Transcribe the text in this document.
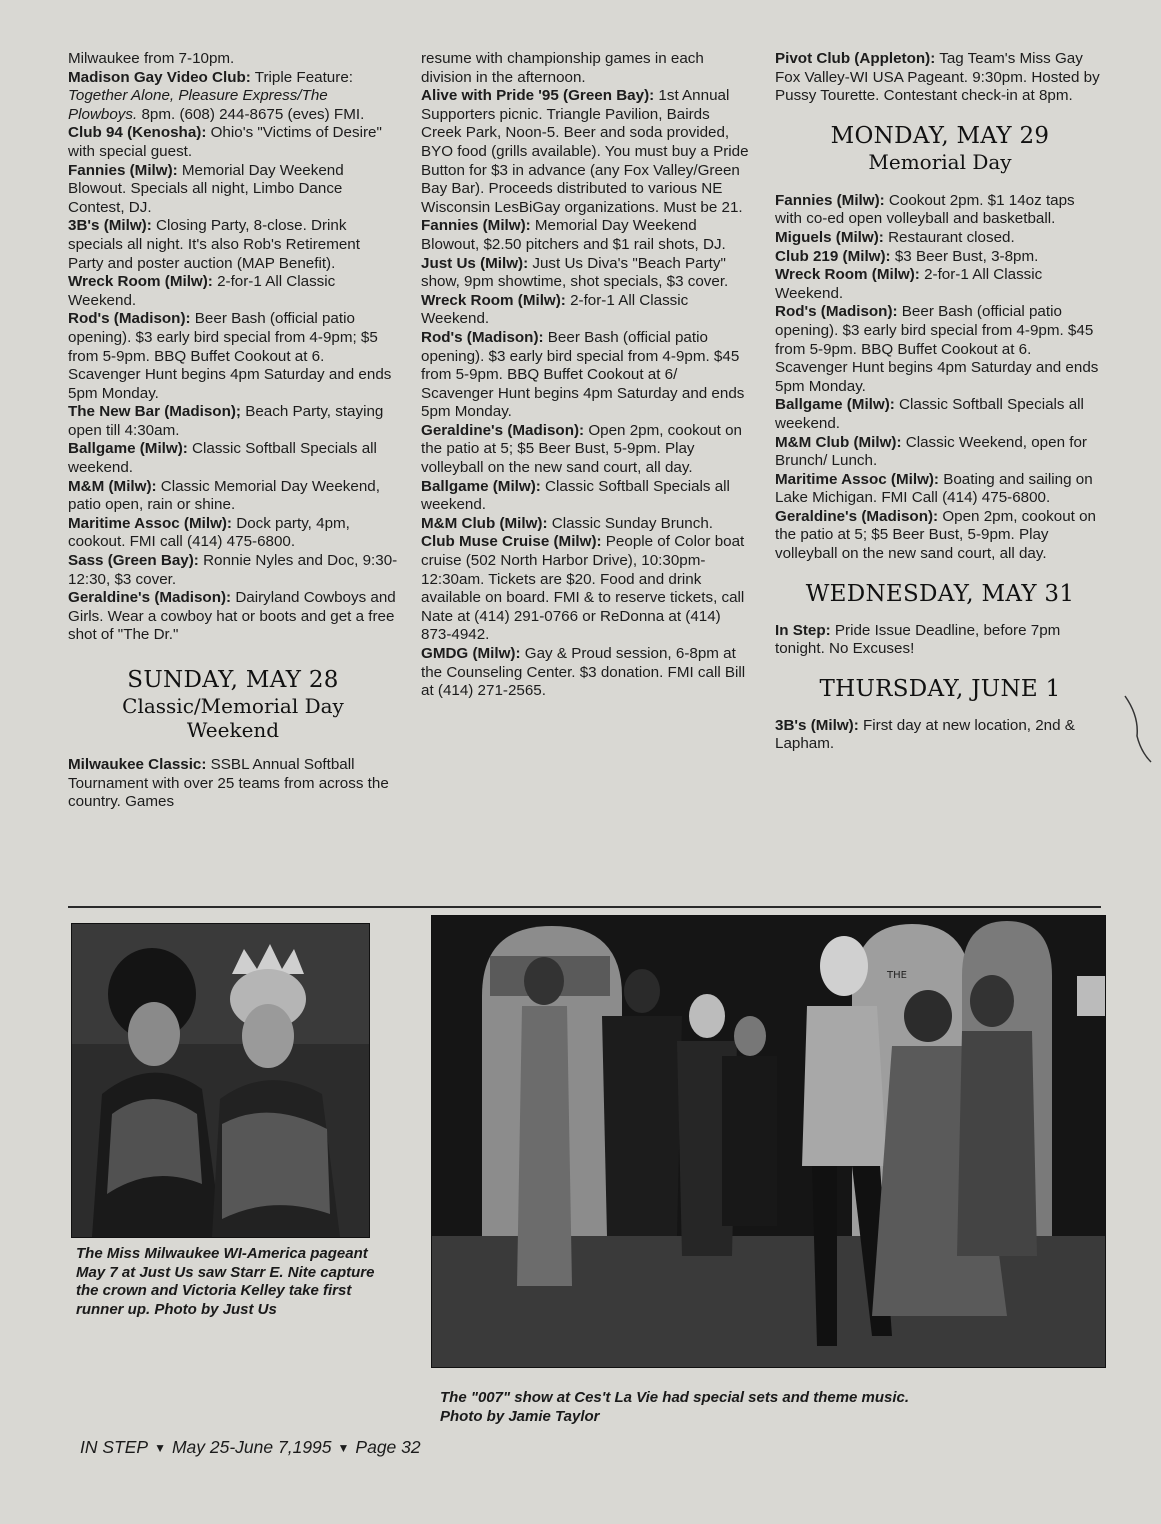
Milwaukee from 7-10pm.

Madison Gay Video Club: Triple Feature: Together Alone, Pleasure Express/The Plowboys. 8pm. (608) 244-8675 (eves) FMI.

Club 94 (Kenosha): Ohio's "Victims of Desire" with special guest.

Fannies (Milw): Memorial Day Weekend Blowout. Specials all night, Limbo Dance Contest, DJ.

3B's (Milw): Closing Party, 8-close. Drink specials all night. It's also Rob's Retirement Party and poster auction (MAP Benefit).

Wreck Room (Milw): 2-for-1 All Classic Weekend.

Rod's (Madison): Beer Bash (official patio opening). $3 early bird special from 4-9pm; $5 from 5-9pm. BBQ Buffet Cookout at 6. Scavenger Hunt begins 4pm Saturday and ends 5pm Monday.

The New Bar (Madison); Beach Party, staying open till 4:30am.

Ballgame (Milw): Classic Softball Specials all weekend.

M&M (Milw): Classic Memorial Day Weekend, patio open, rain or shine.

Maritime Assoc (Milw): Dock party, 4pm, cookout. FMI call (414) 475-6800.

Sass (Green Bay): Ronnie Nyles and Doc, 9:30-12:30, $3 cover.

Geraldine's (Madison): Dairyland Cowboys and Girls. Wear a cowboy hat or boots and get a free shot of "The Dr."

SUNDAY, MAY 28
Classic/Memorial Day
Weekend

Milwaukee Classic: SSBL Annual Softball Tournament with over 25 teams from across the country. Games

resume with championship games in each division in the afternoon.

Alive with Pride '95 (Green Bay): 1st Annual Supporters picnic. Triangle Pavilion, Bairds Creek Park, Noon-5. Beer and soda provided, BYO food (grills available). You must buy a Pride Button for $3 in advance (any Fox Valley/Green Bay Bar). Proceeds distributed to various NE Wisconsin LesBiGay organizations. Must be 21.

Fannies (Milw): Memorial Day Weekend Blowout, $2.50 pitchers and $1 rail shots, DJ.

Just Us (Milw): Just Us Diva's "Beach Party" show, 9pm showtime, shot specials, $3 cover.

Wreck Room (Milw): 2-for-1 All Classic Weekend.

Rod's (Madison): Beer Bash (official patio opening). $3 early bird special from 4-9pm. $45 from 5-9pm. BBQ Buffet Cookout at 6/ Scavenger Hunt begins 4pm Saturday and ends 5pm Monday.

Geraldine's (Madison): Open 2pm, cookout on the patio at 5; $5 Beer Bust, 5-9pm. Play volleyball on the new sand court, all day.

Ballgame (Milw): Classic Softball Specials all weekend.

M&M Club (Milw): Classic Sunday Brunch.

Club Muse Cruise (Milw): People of Color boat cruise (502 North Harbor Drive), 10:30pm-12:30am. Tickets are $20. Food and drink available on board. FMI & to reserve tickets, call Nate at (414) 291-0766 or ReDonna at (414) 873-4942.

GMDG (Milw): Gay & Proud session, 6-8pm at the Counseling Center. $3 donation. FMI call Bill at (414) 271-2565.

Pivot Club (Appleton): Tag Team's Miss Gay Fox Valley-WI USA Pageant. 9:30pm. Hosted by Pussy Tourette. Contestant check-in at 8pm.

MONDAY, MAY 29
Memorial Day

Fannies (Milw): Cookout 2pm. $1 14oz taps with co-ed open volleyball and basketball.

Miguels (Milw): Restaurant closed.

Club 219 (Milw): $3 Beer Bust, 3-8pm.

Wreck Room (Milw): 2-for-1 All Classic Weekend.

Rod's (Madison): Beer Bash (official patio opening). $3 early bird special from 4-9pm. $45 from 5-9pm. BBQ Buffet Cookout at 6. Scavenger Hunt begins 4pm Saturday and ends 5pm Monday.

Ballgame (Milw): Classic Softball Specials all weekend.

M&M Club (Milw): Classic Weekend, open for Brunch/ Lunch.

Maritime Assoc (Milw): Boating and sailing on Lake Michigan. FMI Call (414) 475-6800.

Geraldine's (Madison): Open 2pm, cookout on the patio at 5; $5 Beer Bust, 5-9pm. Play volleyball on the new sand court, all day.

WEDNESDAY, MAY 31

In Step: Pride Issue Deadline, before 7pm tonight. No Excuses!

THURSDAY, JUNE 1

3B's (Milw): First day at new location, 2nd & Lapham.

The Miss Milwaukee WI-America pageant May 7 at Just Us saw Starr E. Nite capture the crown and Victoria Kelley take first runner up. Photo by Just Us
THE
The "007" show at Ces't La Vie had special sets and theme music.
Photo by Jamie Taylor
IN STEP ▼ May 25-June 7,1995 ▼ Page 32
